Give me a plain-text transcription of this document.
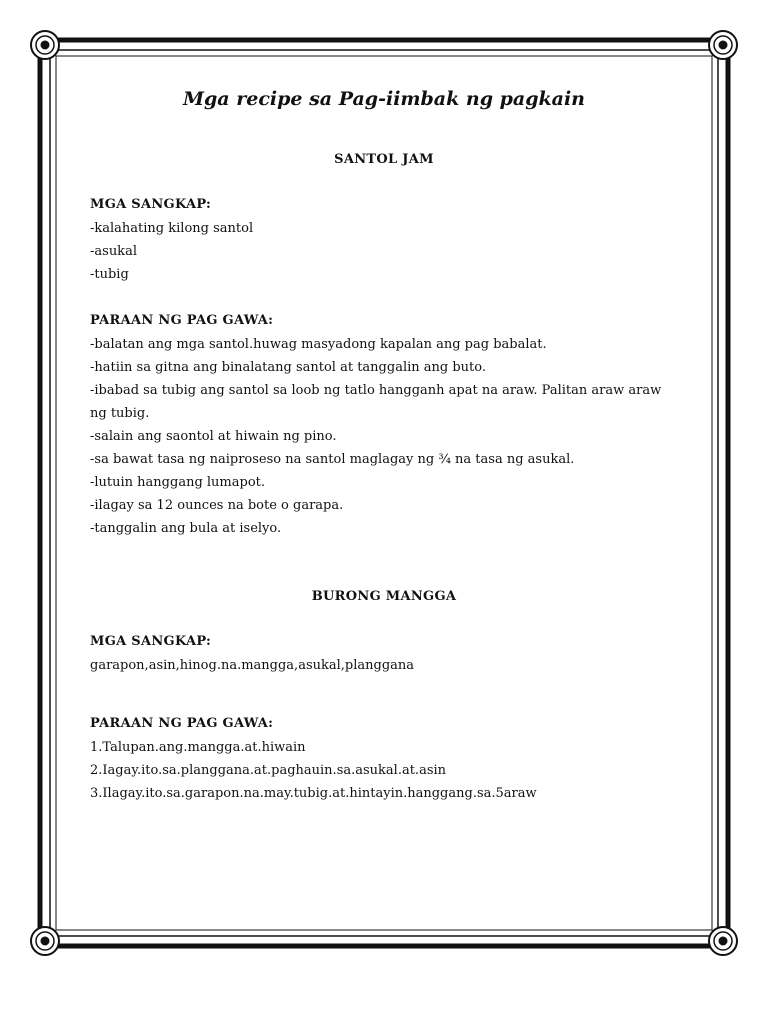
Mga recipe sa Pag-iimbak ng pagkain
SANTOL JAM
MGA SANGKAP:
-kalahating kilong santol
-asukal
-tubig
PARAAN NG PAG GAWA:
-balatan ang mga santol.huwag masyadong kapalan ang pag babalat.
-hatiin sa gitna ang binalatang santol at tanggalin ang buto.
-ibabad sa tubig ang santol sa loob ng tatlo hangganh apat na araw. Palitan araw araw ng tubig.
-salain ang saontol at hiwain ng pino.
-sa bawat tasa ng naiproseso na santol maglagay ng ¾ na tasa ng asukal.
-lutuin hanggang lumapot.
-ilagay sa 12 ounces na bote o garapa.
-tanggalin ang bula at iselyo.
BURONG MANGGA
MGA SANGKAP:
garapon,asin,hinog.na.mangga,asukal,planggana
PARAAN NG PAG GAWA:
1.Talupan.ang.mangga.at.hiwain
2.Iagay.ito.sa.planggana.at.paghauin.sa.asukal.at.asin
3.Ilagay.ito.sa.garapon.na.may.tubig.at.hintayin.hanggang.sa.5araw
